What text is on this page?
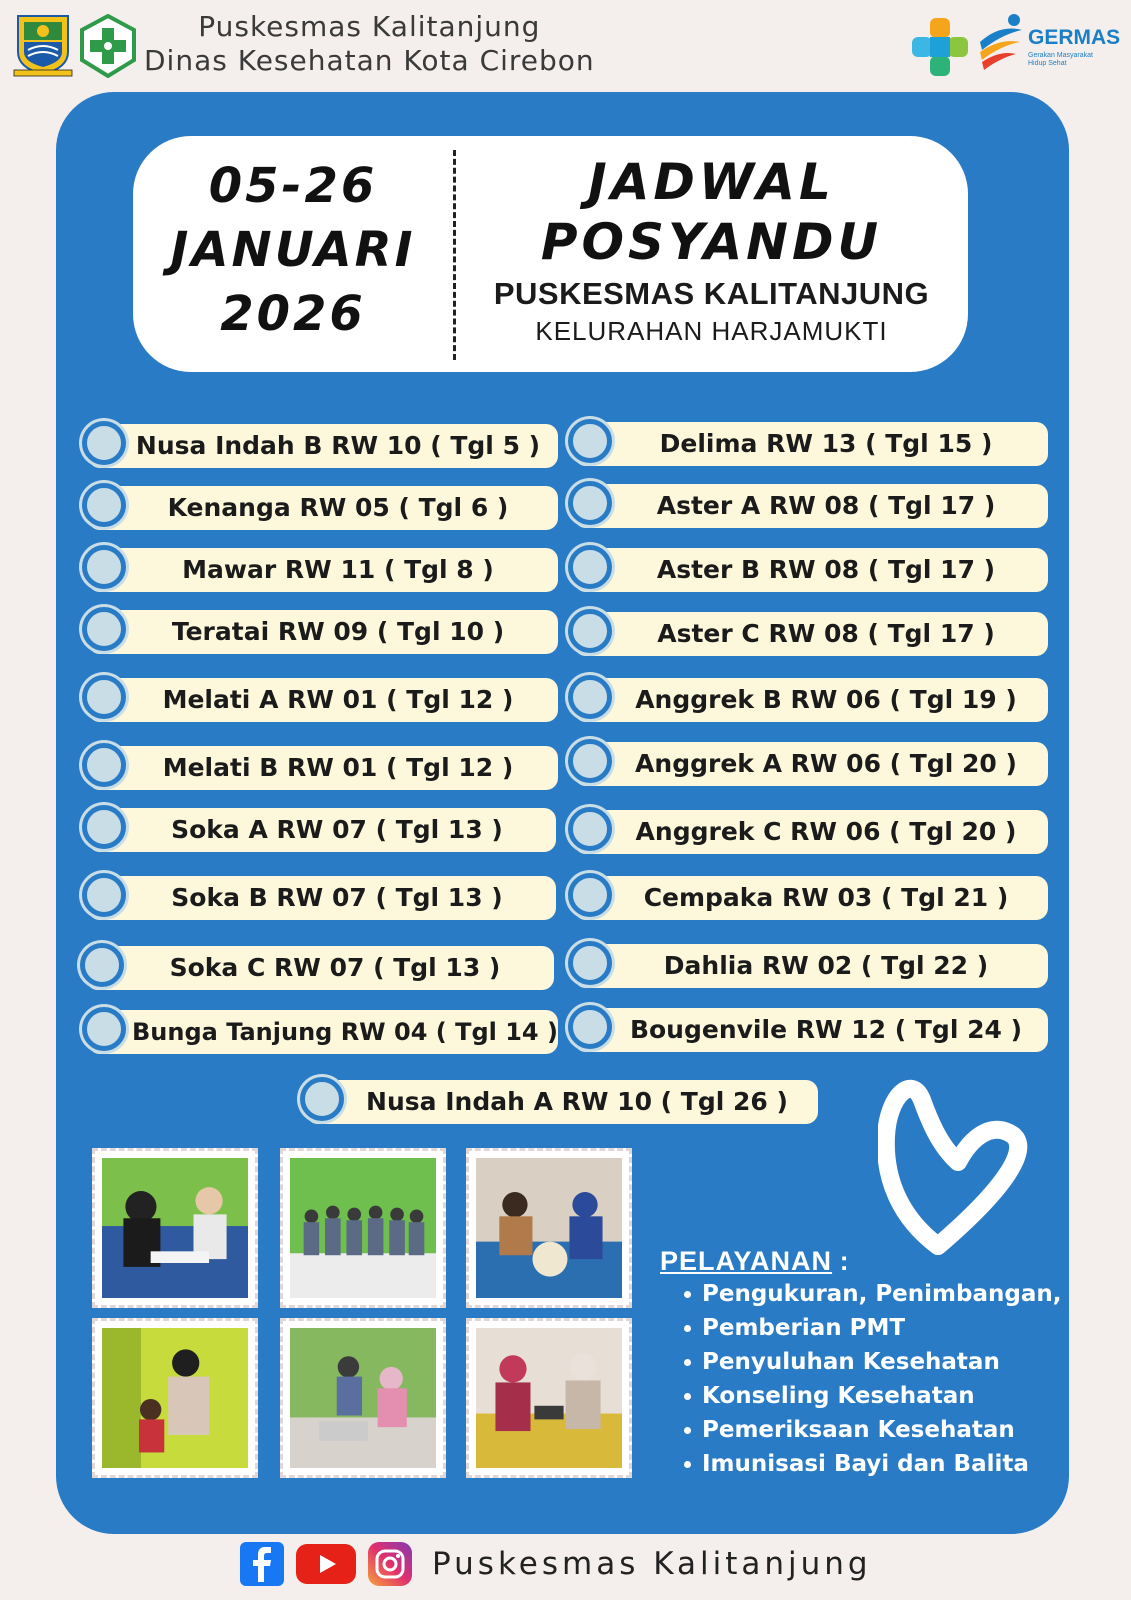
Puskesmas Kalitanjung
Dinas Kesehatan Kota Cirebon
GERMAS
Gerakan Masyarakat Hidup Sehat
05-26
JANUARI
2026
JADWAL
POSYANDU
PUSKESMAS KALITANJUNG
KELURAHAN HARJAMUKTI
Nusa Indah B RW 10 ( Tgl 5 )
Kenanga RW 05 ( Tgl 6 )
Mawar RW 11 ( Tgl 8 )
Teratai RW 09 ( Tgl 10 )
Melati A RW 01 ( Tgl 12 )
Melati B RW 01 ( Tgl 12 )
Soka A RW 07 ( Tgl 13 )
Soka B RW 07 ( Tgl 13 )
Soka C RW 07 ( Tgl 13 )
Bunga Tanjung RW 04 ( Tgl 14 )
Delima RW 13 ( Tgl 15 )
Aster A RW 08 ( Tgl 17 )
Aster B RW 08 ( Tgl 17 )
Aster C RW 08 ( Tgl 17 )
Anggrek B RW 06 ( Tgl 19 )
Anggrek A RW 06 ( Tgl 20 )
Anggrek C RW 06 ( Tgl 20 )
Cempaka RW 03 ( Tgl 21 )
Dahlia RW 02 ( Tgl 22 )
Bougenvile RW 12 ( Tgl 24 )
Nusa Indah A RW 10 ( Tgl 26 )
PELAYANAN :
Pengukuran, Penimbangan,
Pemberian PMT
Penyuluhan Kesehatan
Konseling Kesehatan
Pemeriksaan Kesehatan
Imunisasi Bayi dan Balita
Puskesmas Kalitanjung
